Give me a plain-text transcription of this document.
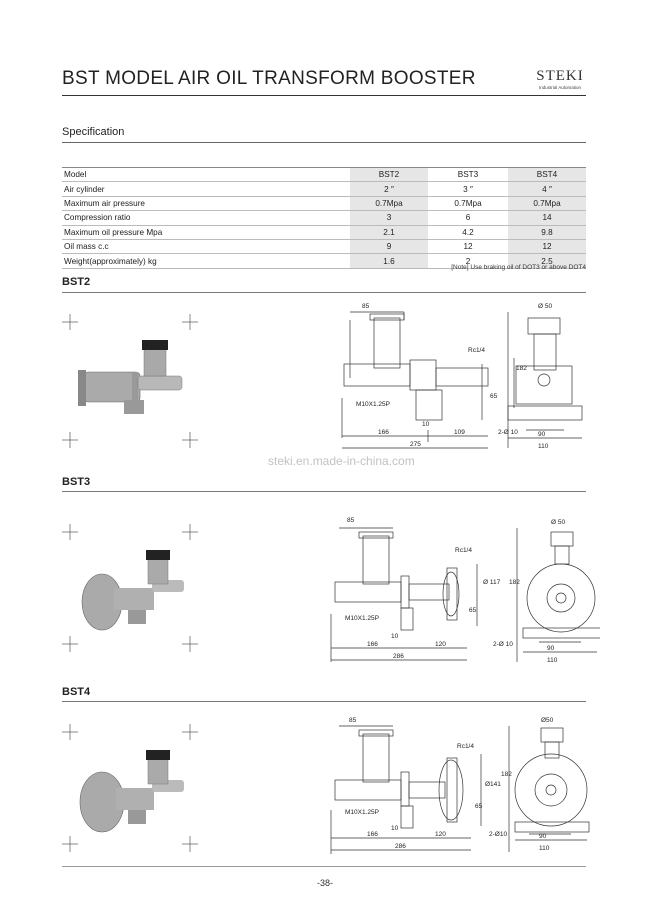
BST MODEL AIR OIL TRANSFORM BOOSTER	STEKI
Industrial Automation
Specification
Model	BST2	BST3	BST4
Air cylinder	2 ″	3 ″	4 ″
Maximum air pressure	0.7Mpa	0.7Mpa	0.7Mpa
Compression ratio	3	6	14
Maximum oil pressure Mpa	2.1	4.2	9.8
Oil mass c.c	9	12	12
Weight(approximately) kg	1.6	2	2.5
[Note] Use braking oil of DOT3 or above DOT4
BST2
85
Rc1/4
M10X1.25P
65
10
166	109
275
Ø 50
182
2-Ø 10	90
110
steki.en.made-in-china.com
BST3
85
Rc1/4
M10X1.25P
65
10
166	120
286
Ø 117
Ø 50
182
2-Ø 10
90
110
BST4
85
Rc1/4
M10X1.25P
65
10
166	120
286
Ø141
Ø50
182
2-Ø10	90
110
-38-
